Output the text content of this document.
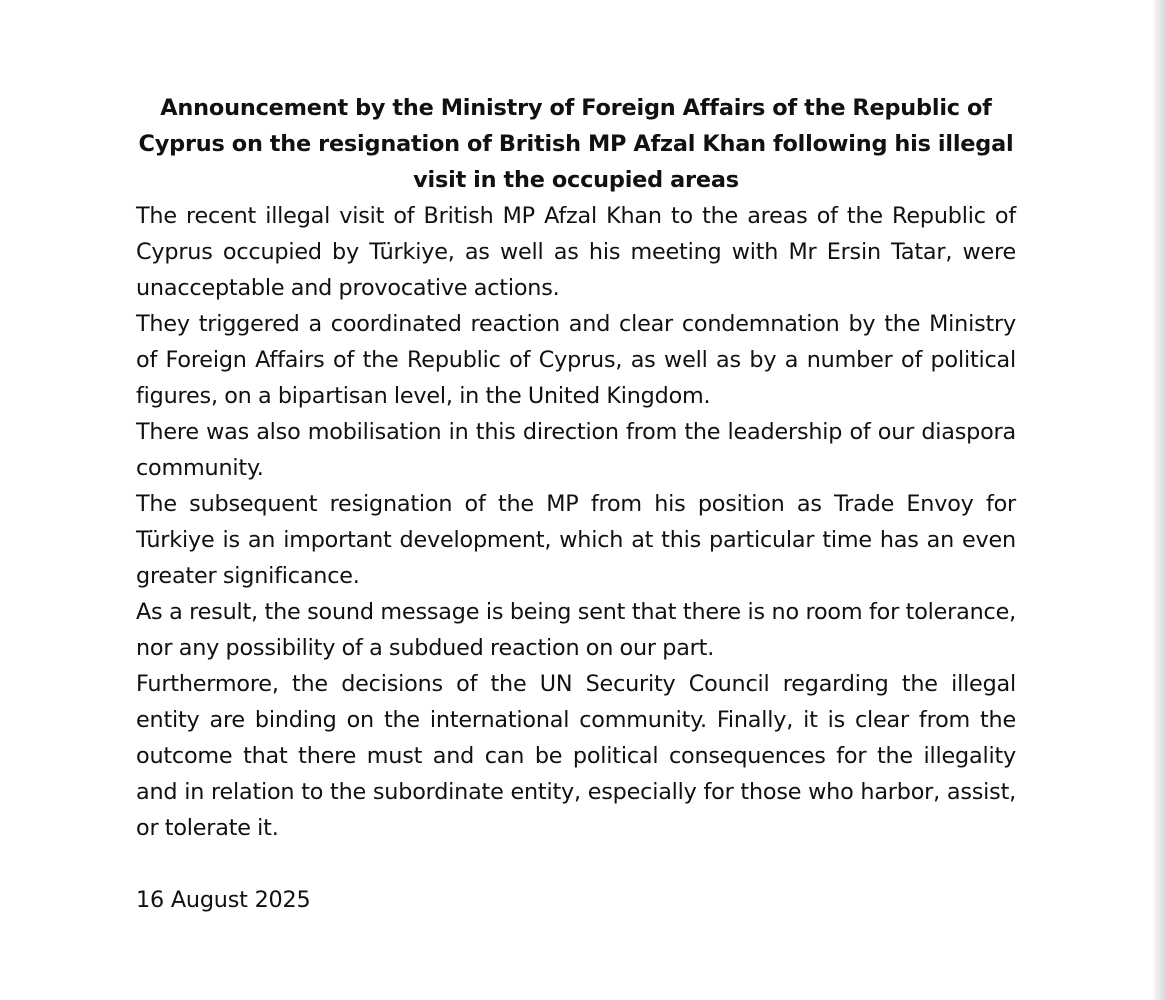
Announcement by the Ministry of Foreign Affairs of the Republic of Cyprus on the resignation of British MP Afzal Khan following his illegal visit in the occupied areas

The recent illegal visit of British MP Afzal Khan to the areas of the Republic of Cyprus occupied by Türkiye, as well as his meeting with Mr Ersin Tatar, were unacceptable and provocative actions.

They triggered a coordinated reaction and clear condemnation by the Ministry of Foreign Affairs of the Republic of Cyprus, as well as by a number of political figures, on a bipartisan level, in the United Kingdom.

There was also mobilisation in this direction from the leadership of our diaspora community.

The subsequent resignation of the MP from his position as Trade Envoy for Türkiye is an important development, which at this particular time has an even greater significance.

As a result, the sound message is being sent that there is no room for tolerance, nor any possibility of a subdued reaction on our part.

Furthermore, the decisions of the UN Security Council regarding the illegal entity are binding on the international community. Finally, it is clear from the outcome that there must and can be political consequences for the illegality and in relation to the subordinate entity, especially for those who harbor, assist, or tolerate it.

16 August 2025
